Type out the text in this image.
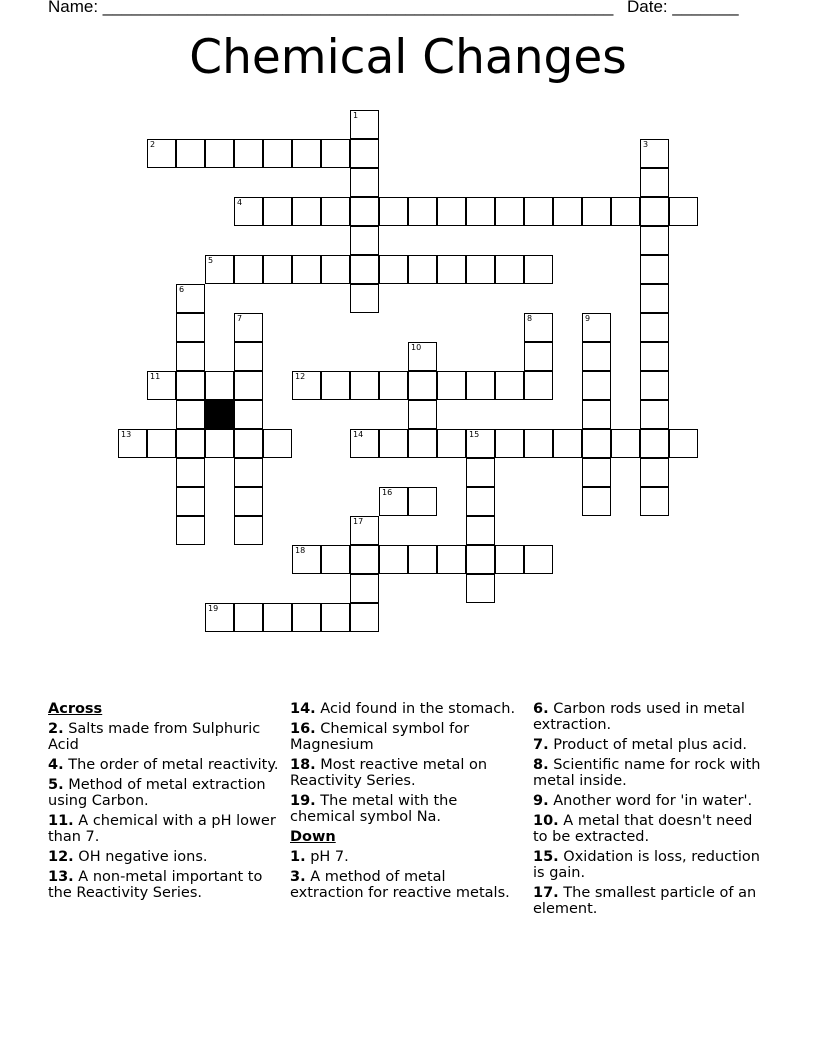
Name: ______________________________________________________ Date: _______
Chemical Changes
1
2	3
4
5
6
7	8	9
10
11	12
13	14	15
16
17
18
19
Across
2. Salts made from Sulphuric Acid
4. The order of metal reactivity.
5. Method of metal extraction using Carbon.
11. A chemical with a pH lower than 7.
12. OH negative ions.
13. A non-metal important to the Reactivity Series.
14. Acid found in the stomach.
16. Chemical symbol for Magnesium
18. Most reactive metal on Reactivity Series.
19. The metal with the chemical symbol Na.
Down
1. pH 7.
3. A method of metal extraction for reactive metals.
6. Carbon rods used in metal extraction.
7. Product of metal plus acid.
8. Scientific name for rock with metal inside.
9. Another word for 'in water'.
10. A metal that doesn't need to be extracted.
15. Oxidation is loss, reduction is gain.
17. The smallest particle of an element.
